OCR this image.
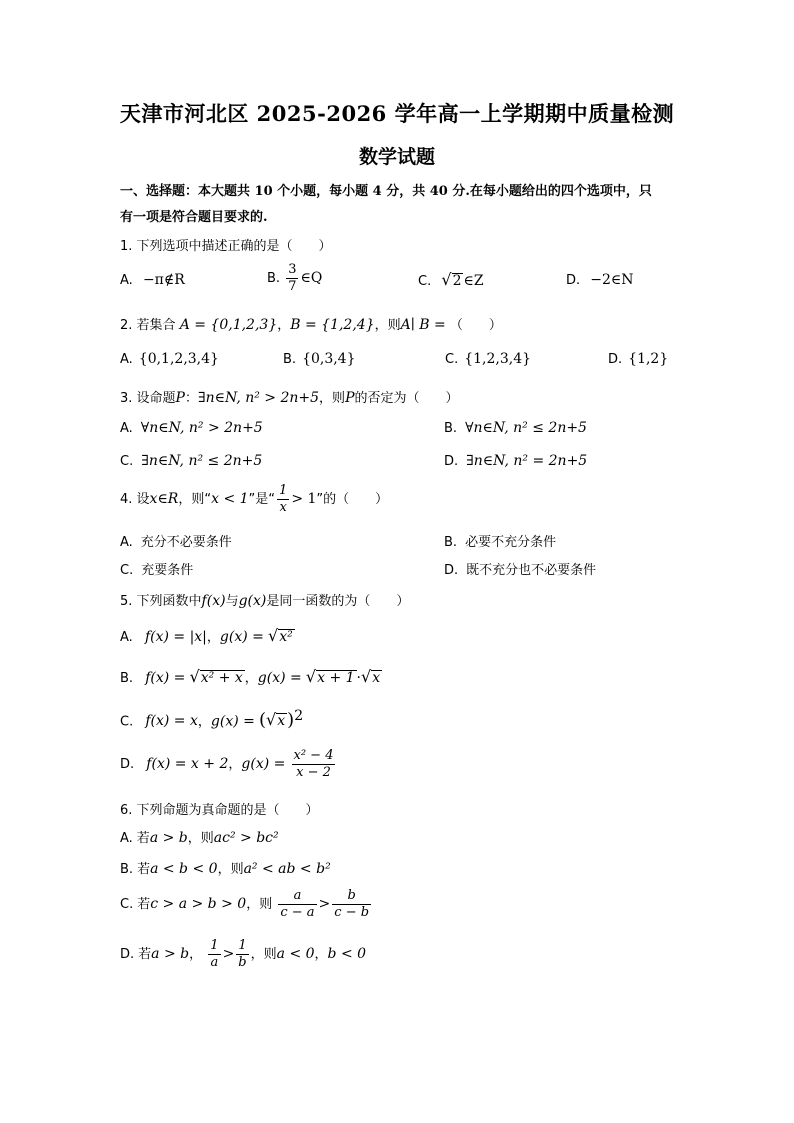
天津市河北区 2025-2026 学年高一上学期期中质量检测
数学试题
一、选择题：本大题共 10 个小题，每小题 4 分，共 40 分.在每小题给出的四个选项中，只
有一项是符合题目要求的.
1. 下列选项中描述正确的是（　　）
A. −π∉R	B. $\frac{3}{7}$ ∈Q	C. √2 ∈Z	D. −2∈N
2. 若集合 A = {0,1,2,3}，B = {1,2,4}，则A∣ B = （　　）
A. {0,1,2,3,4}	B. {0,3,4}	C. {1,2,3,4}	D. {1,2}
3. 设命题P：∃n∈N, n² > 2n+5，则P的否定为（　　）
A. ∀n∈N, n² > 2n+5	B. ∀n∈N, n² ≤ 2n+5
C. ∃n∈N, n² ≤ 2n+5	D. ∃n∈N, n² = 2n+5
4. 设x∈R，则“x < 1”是“ $\frac{1}{x} > 1$”的（　　）
A. 充分不必要条件	B. 必要不充分条件
C. 充要条件	D. 既不充分也不必要条件
5. 下列函数中f(x)与g(x)是同一函数的为（　　）
A. f(x) = |x|，g(x) = √x²
B. f(x) = √x² + x ，g(x) = √x + 1 ·√x
C. f(x) = x，g(x) = (√x )$^2$
D. f(x) = x + 2，$g(x) = \frac{\text{x² − 4}}{x - 2}$
6. 下列命题为真命题的是（　　）
A. 若a > b，则ac² > bc²
B. 若a < b < 0，则a² < ab < b²
C. 若c > a > b > 0，则 $\frac{a}{c - a} > \frac{b}{c - b}$
D. 若a > b， $\frac{1}{a} > \frac{1}{b}$ ，则a < 0，b < 0
